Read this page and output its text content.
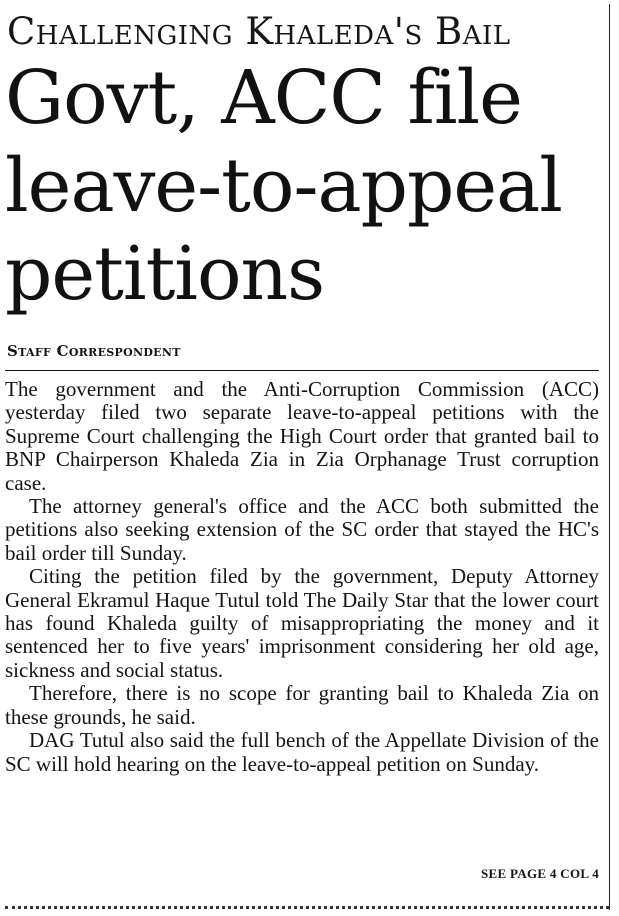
Challenging Khaleda's Bail
Govt, ACC file
leave-to-appeal
petitions
Staff Correspondent

The government and the Anti-Corruption Commission (ACC) yesterday filed two separate leave-to-appeal petitions with the Supreme Court challenging the High Court order that granted bail to BNP Chairperson Khaleda Zia in Zia Orphanage Trust corruption case.

The attorney general's office and the ACC both submitted the petitions also seeking extension of the SC order that stayed the HC's bail order till Sunday.

Citing the petition filed by the government, Deputy Attorney General Ekramul Haque Tutul told The Daily Star that the lower court has found Khaleda guilty of misappropriating the money and it sentenced her to five years' imprisonment considering her old age, sickness and social status.

Therefore, there is no scope for granting bail to Khaleda Zia on these grounds, he said.

DAG Tutul also said the full bench of the Appellate Division of the SC will hold hearing on the leave-to-appeal petition on Sunday.

SEE PAGE 4 COL 4
